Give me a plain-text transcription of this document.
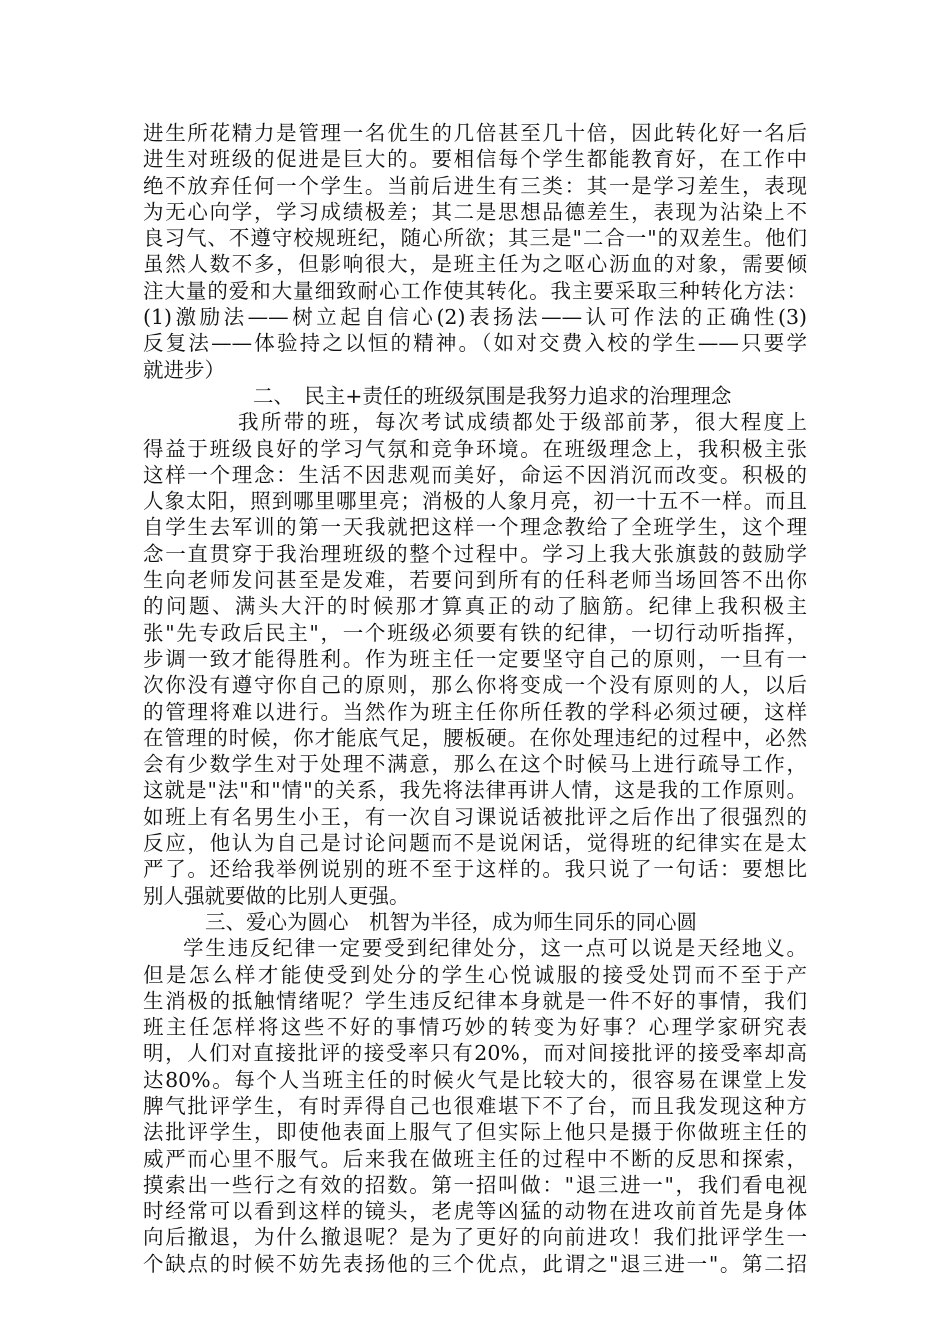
进生所花精力是管理一名优生的几倍甚至几十倍，因此转化好一名后
进生对班级的促进是巨大的。要相信每个学生都能教育好，在工作中
绝不放弃任何一个学生。当前后进生有三类：其一是学习差生，表现
为无心向学，学习成绩极差；其二是思想品德差生，表现为沾染上不
良习气、不遵守校规班纪，随心所欲；其三是"二合一"的双差生。他们
虽然人数不多，但影响很大，是班主任为之呕心沥血的对象，需要倾
注大量的爱和大量细致耐心工作使其转化。我主要采取三种转化方法：
(1)激励法——树立起自信心(2)表扬法——认可作法的正确性(3)
反复法——体验持之以恒的精神。（如对交费入校的学生——只要学
就进步）
二、　民主+责任的班级氛围是我努力追求的治理理念
我所带的班，每次考试成绩都处于级部前茅，很大程度上
得益于班级良好的学习气氛和竞争环境。在班级理念上，我积极主张
这样一个理念：生活不因悲观而美好，命运不因消沉而改变。积极的
人象太阳，照到哪里哪里亮；消极的人象月亮，初一十五不一样。而且
自学生去军训的第一天我就把这样一个理念教给了全班学生，这个理
念一直贯穿于我治理班级的整个过程中。学习上我大张旗鼓的鼓励学
生向老师发问甚至是发难，若要问到所有的任科老师当场回答不出你
的问题、满头大汗的时候那才算真正的动了脑筋。纪律上我积极主
张"先专政后民主"，一个班级必须要有铁的纪律，一切行动听指挥，
步调一致才能得胜利。作为班主任一定要坚守自己的原则，一旦有一
次你没有遵守你自己的原则，那么你将变成一个没有原则的人，以后
的管理将难以进行。当然作为班主任你所任教的学科必须过硬，这样
在管理的时候，你才能底气足，腰板硬。在你处理违纪的过程中，必然
会有少数学生对于处理不满意，那么在这个时候马上进行疏导工作，
这就是"法"和"情"的关系，我先将法律再讲人情，这是我的工作原则。
如班上有名男生小王，有一次自习课说话被批评之后作出了很强烈的
反应，他认为自己是讨论问题而不是说闲话，觉得班的纪律实在是太
严了。还给我举例说别的班不至于这样的。我只说了一句话：要想比
别人强就要做的比别人更强。
三、爱心为圆心　机智为半径，成为师生同乐的同心圆
学生违反纪律一定要受到纪律处分，这一点可以说是天经地义。
但是怎么样才能使受到处分的学生心悦诚服的接受处罚而不至于产
生消极的抵触情绪呢？学生违反纪律本身就是一件不好的事情，我们
班主任怎样将这些不好的事情巧妙的转变为好事？心理学家研究表
明，人们对直接批评的接受率只有20%，而对间接批评的接受率却高
达80%。每个人当班主任的时候火气是比较大的，很容易在课堂上发
脾气批评学生，有时弄得自己也很难堪下不了台，而且我发现这种方
法批评学生，即使他表面上服气了但实际上他只是摄于你做班主任的
威严而心里不服气。后来我在做班主任的过程中不断的反思和探索，
摸索出一些行之有效的招数。第一招叫做："退三进一"，我们看电视
时经常可以看到这样的镜头，老虎等凶猛的动物在进攻前首先是身体
向后撤退，为什么撤退呢？是为了更好的向前进攻！我们批评学生一
个缺点的时候不妨先表扬他的三个优点，此谓之"退三进一"。第二招
